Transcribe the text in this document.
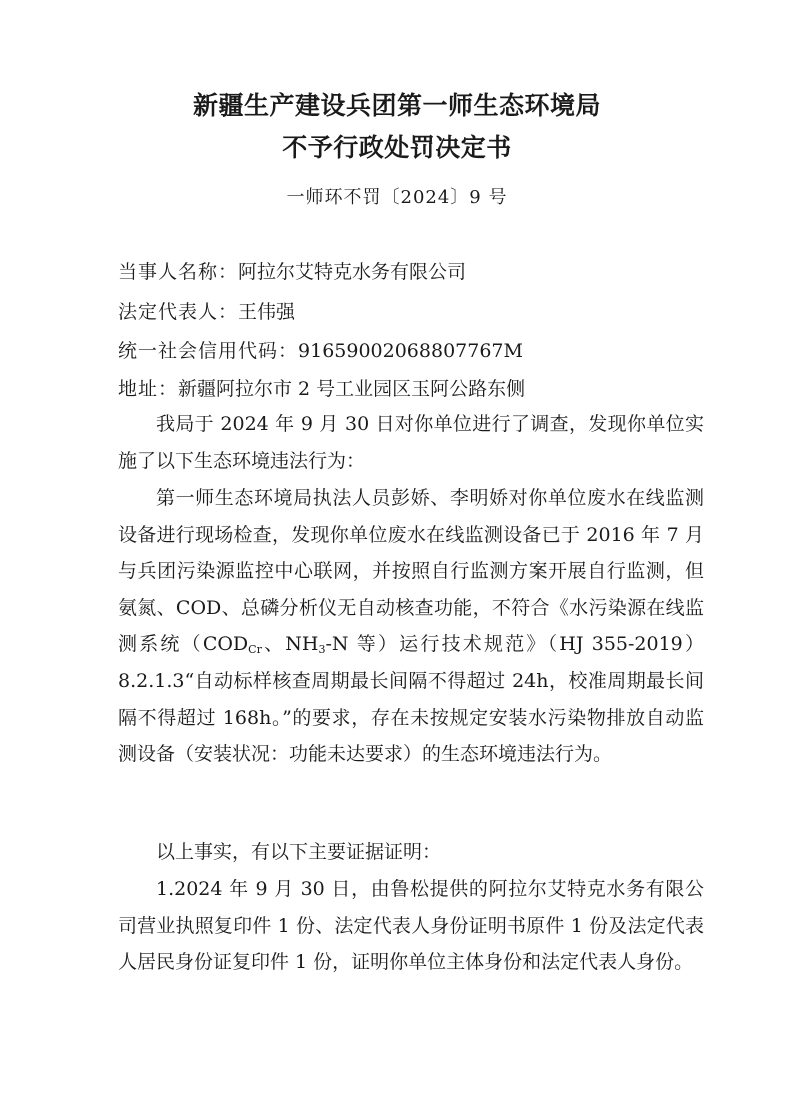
新疆生产建设兵团第一师生态环境局
不予行政处罚决定书
一师环不罚〔2024〕9 号
当事人名称：阿拉尔艾特克水务有限公司
法定代表人：王伟强
统一社会信用代码：91659002068807767M
地址：新疆阿拉尔市 2 号工业园区玉阿公路东侧
我局于 2024 年 9 月 30 日对你单位进行了调查，发现你单位实施了以下生态环境违法行为：
第一师生态环境局执法人员彭娇、李明娇对你单位废水在线监测设备进行现场检查，发现你单位废水在线监测设备已于 2016 年 7 月与兵团污染源监控中心联网，并按照自行监测方案开展自行监测，但氨氮、COD、总磷分析仪无自动核查功能，不符合《水污染源在线监测系统（$COD_{Cr}$、$NH_3-N$ 等）运行技术规范》（HJ 355-2019）8.2.1.3“自动标样核查周期最长间隔不得超过 24h，校准周期最长间隔不得超过 168h。”的要求，存在未按规定安装水污染物排放自动监测设备（安装状况：功能未达要求）的生态环境违法行为。
以上事实，有以下主要证据证明：
1.2024 年 9 月 30 日，由鲁松提供的阿拉尔艾特克水务有限公司营业执照复印件 1 份、法定代表人身份证明书原件 1 份及法定代表人居民身份证复印件 1 份，证明你单位主体身份和法定代表人身份。
